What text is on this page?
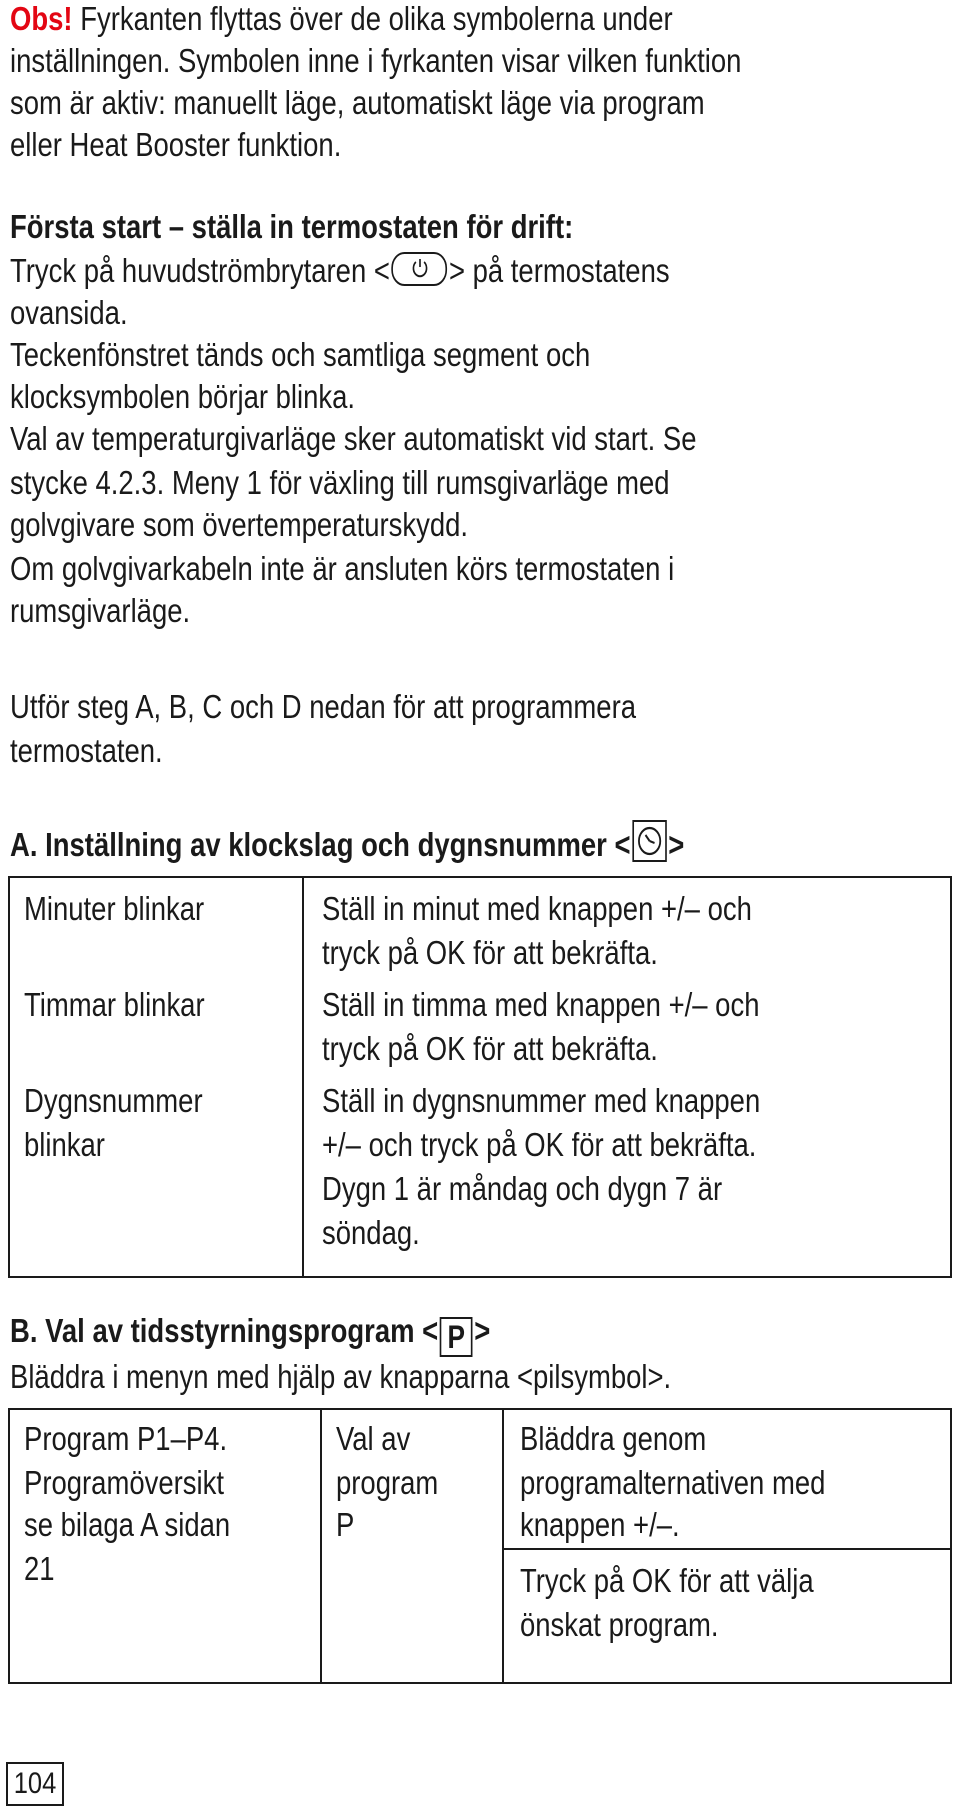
Obs! Fyrkanten flyttas över de olika symbolerna under
inställningen. Symbolen inne i fyrkanten visar vilken funktion
som är aktiv: manuellt läge, automatiskt läge via program
eller Heat Booster funktion.
Första start – ställa in termostaten för drift:
Tryck på huvudströmbrytaren < > på termostatens
ovansida.
Teckenfönstret tänds och samtliga segment och
klocksymbolen börjar blinka.
Val av temperaturgivarläge sker automatiskt vid start. Se
stycke 4.2.3. Meny 1 för växling till rumsgivarläge med
golvgivare som övertemperaturskydd.
Om golvgivarkabeln inte är ansluten körs termostaten i
rumsgivarläge.
Utför steg A, B, C och D nedan för att programmera
termostaten.
A. Inställning av klockslag och dygnsnummer < >
Minuter blinkar	Ställ in minut med knappen +/– och
tryck på OK för att bekräfta.
Timmar blinkar	Ställ in timma med knappen +/– och
tryck på OK för att bekräfta.
Dygnsnummer
blinkar
Ställ in dygnsnummer med knappen
+/– och tryck på OK för att bekräfta.
Dygn 1 är måndag och dygn 7 är
söndag.
B. Val av tidsstyrningsprogram < P >
Bläddra i menyn med hjälp av knapparna <pilsymbol>.
Program P1–P4.
Programöversikt
se bilaga A sidan
21
Val av
program
P
Bläddra genom
programalternativen med
knappen +/–.
Tryck på OK för att välja
önskat program.
104
